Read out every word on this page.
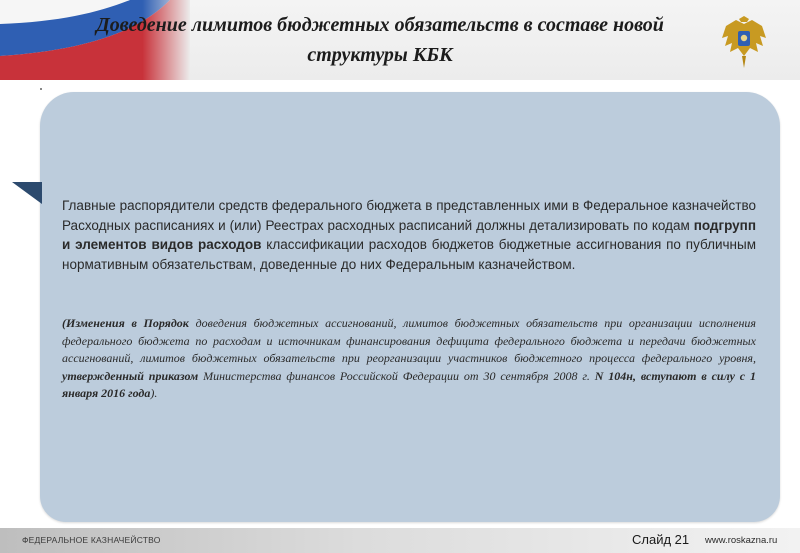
Доведение лимитов бюджетных обязательств в составе новой
структуры КБК
Главные распорядители средств федерального бюджета в представленных ими в Федеральное казначейство Расходных расписаниях и (или) Реестрах расходных расписаний должны детализировать по кодам подгрупп и элементов видов расходов классификации расходов бюджетов бюджетные ассигнования по публичным нормативным обязательствам, доведенные до них Федеральным казначейством.
(Изменения в Порядок доведения бюджетных ассигнований, лимитов бюджетных обязательств при организации исполнения федерального бюджета по расходам и источникам финансирования дефицита федерального бюджета и передачи бюджетных ассигнований, лимитов бюджетных обязательств при реорганизации участников бюджетного процесса федерального уровня, утвержденный приказом Министерства финансов Российской Федерации от 30 сентября 2008 г. N 104н, вступают в силу с 1 января 2016 года).
ФЕДЕРАЛЬНОЕ КАЗНАЧЕЙСТВО	Слайд 21 www.roskazna.ru
